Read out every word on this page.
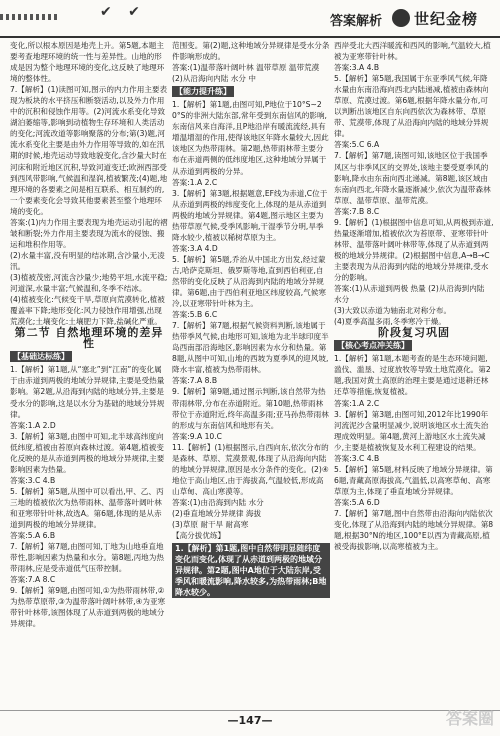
✔ ✔
答案解析 世纪金榜

变化,所以根本原因是地壳上升。第5题,本题主要考查地理环境的统一性与差异性。山地的形成是因为整个地理环境的变化,这反映了地理环境的整体性。

7.【解析】(1)读图可知,图示的内力作用主要表现为板块的水平挤压和断裂活动,以及外力作用中的沉积和侵蚀作用等。(2)河流水系变化导致湖泊萎缩等,影响到动植物生存环境和人类活动的变化;河流改道等影响聚落的分布;第(3)题,河流水系变化主要是由外力作用等导致的,如在汛期的时候,地壳运动导致地貌变化,含沙量大时在河床和附近地区沉积,导致河道变迁;欧洲西部受到西风带影响,气候温和湿润,植被繁茂;(4)题,地理环境的各要素之间是相互联系、相互制约的,一个要素变化会导致其他要素甚至整个地理环境的变化。

答案:(1)内力作用主要表现为地壳运动引起的褶皱和断裂;外力作用主要表现为流水的侵蚀、搬运和堆积作用等。

(2)水量丰富,没有明显的结冰期,含沙量小,无凌汛。

(3)植被茂密,河流含沙量少;地势平坦,水流平稳;河道深,水量丰富;气候温和,冬季不结冰。

(4)植被变化:气候变干旱,草原向荒漠转化,植被覆盖率下降;地形变化:风力侵蚀作用增强,出现荒漠化;土壤变化:土壤肥力下降,盐碱化严重。

第二节 自然地理环境的差异性

【基础达标练】

1.【解析】第1题,从“塞北”到“江南”的变化属于由赤道到两极的地域分异规律,主要是受热量影响。第2题,从沿海到内陆的地域分异,主要是受水分的影响,这是以水分为基础的地域分异规律。

答案:1.A 2.D

3.【解析】第3题,由图中可知,北半球高纬度向低纬度,植被由苔原向森林过渡。第4题,植被变化反映的是从赤道到两极的地域分异规律,主要影响因素为热量。

答案:3.C 4.B

5.【解析】第5题,从图中可以看出,甲、乙、丙三地的植被依次为热带雨林、温带落叶阔叶林和亚寒带针叶林,故选A。第6题,体现的是从赤道到两极的地域分异规律。

答案:5.A 6.B

7.【解析】第7题,由图可知,丁地为山地垂直地带性,影响因素为热量和水分。第8题,丙地为热带雨林,应是受赤道低气压带控制。

答案:7.A 8.C

9.【解析】第9题,由图可知,①为热带雨林带,②为热带草原带,③为温带落叶阔叶林带,④为亚寒带针叶林带,该图体现了从赤道到两极的地域分异规律。

范围变。第(2)题,这种地域分异规律是受水分条件影响形成的。

答案:(1)温带落叶阔叶林 温带草原 温带荒漠

(2)从沿海向内陆 水分 中

【能力提升练】

1.【解析】第1题,由图可知,P地位于10°S~20°S的非洲大陆东部,常年受到东南信风的影响,东南信风来自海洋,且P地沿岸有暖流流经,具有增温增湿的作用,使得该地区年降水量较大,因此该地区为热带雨林。第2题,热带雨林带主要分布在赤道两侧的低纬度地区,这种地域分异属于从赤道到两极的分异。

答案:1.A 2.C

3.【解析】第3题,根据题意,EF线为赤道,C位于从赤道到两极的纬度变化上,体现的是从赤道到两极的地域分异规律。第4题,图示地区主要为热带草原气候,受季风影响,干湿季节分明,旱季降水较少,植被以稀树草原为主。

答案:3.A 4.D

5.【解析】第5题,乔治从中国北方出发,经过蒙古,哈萨克斯坦、俄罗斯等地,直到西伯利亚,自然带的变化反映了从沿海到内陆的地域分异规律。第6题,由于西伯利亚地区纬度较高,气候寒冷,以亚寒带针叶林为主。

答案:5.B 6.C

7.【解析】第7题,根据气候资料判断,该地属于热带季风气候,由地形可知,该地为北半球印度半岛西南部沿海地区,影响因素为水分和热量。第8题,从图中可知,山地的西坡为夏季风的迎风坡,降水丰富,植被为热带雨林。

答案:7.A 8.B

9.【解析】第9题,通过图示判断,该自然带为热带雨林带,分布在赤道附近。第10题,热带雨林带位于赤道附近,终年高温多雨;亚马孙热带雨林的形成与东南信风和地形有关。

答案:9.A 10.C

11.【解析】(1)根据图示,自西向东,依次分布的是森林、草原、荒漠景观,体现了从沿海向内陆的地域分异规律,原因是水分条件的变化。(2)④地位于高山地区,由于海拔高,气温较低,形成高山草甸、高山寒漠等。

答案:(1)由沿海到内陆 水分

(2)垂直地域分异规律 海拔

(3)草原 耐干旱 耐高寒

【高分拔优练】

1.【解析】第1题,图中自然带明显随纬度变化而变化,体现了从赤道到两极的地域分异规律。第2题,图中A地位于大陆东岸,受季风和暖流影响,降水较多,为热带雨林;B地降水较少。

西岸受北大西洋暖流和西风的影响,气温较大,植被为亚寒带针叶林。

答案:3.A 4.B

5.【解析】第5题,我国属于东亚季风气候,年降水量由东南沿海向西北内陆递减,植被由森林向草原、荒漠过渡。第6题,根据年降水量分布,可以判断出该地区自东向西依次为森林带、草原带、荒漠带,体现了从沿海向内陆的地域分异规律。

答案:5.C 6.A

7.【解析】第7题,读图可知,该地区位于我国季风区与非季风区的交界处,该地主要受夏季风的影响,降水由东南向西北递减。第8题,该区域由东南向西北,年降水量逐渐减少,依次为温带森林草原、温带草原、温带荒漠。

答案:7.B 8.C

9.【解析】(1)根据图中信息可知,从两极到赤道,热量逐渐增加,植被依次为苔原带、亚寒带针叶林带、温带落叶阔叶林带等,体现了从赤道到两极的地域分异规律。(2)根据图中信息,A→B→C主要表现为从沿海到内陆的地域分异规律,受水分的影响。

答案:(1)从赤道到两极 热量 (2)从沿海到内陆 水分

(3)大致以赤道为轴南北对称分布。

(4)夏季高温多雨,冬季寒冷干燥。

阶段复习巩固

【核心考点冲关练】

1.【解析】第1题,本题考查的是生态环境问题,滥伐、滥垦、过度放牧等导致土地荒漠化。第2题,我国对黄土高原的治理主要是通过退耕还林还草等措施,恢复植被。

答案:1.A 2.C

3.【解析】第3题,由图可知,2012年比1990年河流泥沙含量明显减少,说明该地区水土流失治理成效明显。第4题,黄河上游地区水土流失减少,主要是植被恢复及水利工程建设的结果。

答案:3.C 4.B

5.【解析】第5题,材料反映了地域分异规律。第6题,青藏高原海拔高,气温低,以高寒草甸、高寒草原为主,体现了垂直地域分异规律。

答案:5.A 6.D

7.【解析】第7题,图中自然带由沿海向内陆依次变化,体现了从沿海到内陆的地域分异规律。第8题,根据30°N的地区,100°E以西为青藏高原,植被受海拔影响,以高寒植被为主。

—147—	答案圈
